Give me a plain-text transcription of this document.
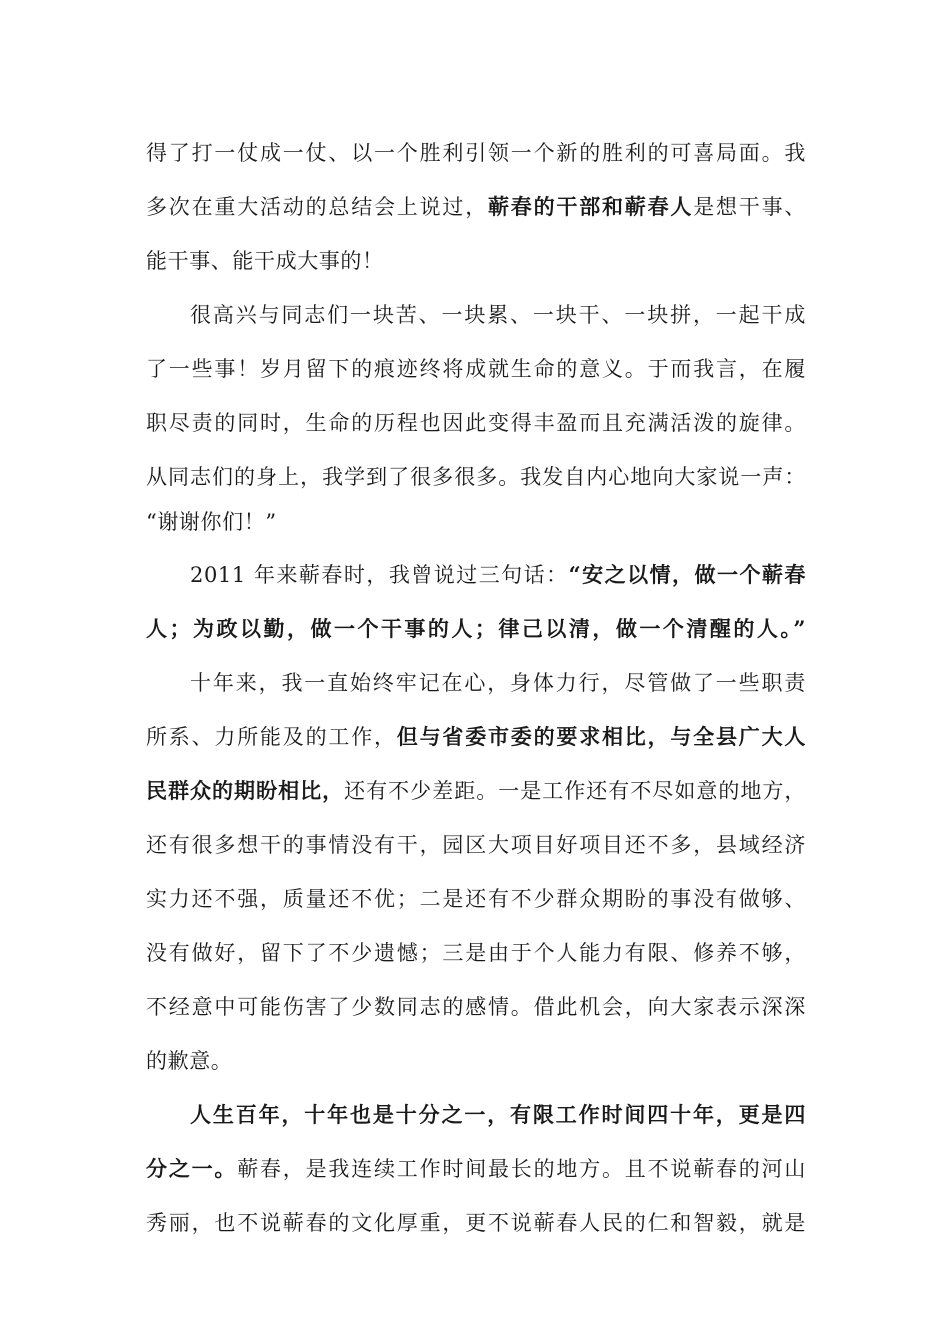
得了打一仗成一仗、以一个胜利引领一个新的胜利的可喜局面。我
多次在重大活动的总结会上说过，蕲春的干部和蕲春人是想干事、
能干事、能干成大事的！
很高兴与同志们一块苦、一块累、一块干、一块拼，一起干成
了一些事！岁月留下的痕迹终将成就生命的意义。于而我言，在履
职尽责的同时，生命的历程也因此变得丰盈而且充满活泼的旋律。
从同志们的身上，我学到了很多很多。我发自内心地向大家说一声：
“谢谢你们！”
2011 年来蕲春时，我曾说过三句话：“安之以情，做一个蕲春
人；为政以勤，做一个干事的人；律己以清，做一个清醒的人。”
十年来，我一直始终牢记在心，身体力行，尽管做了一些职责
所系、力所能及的工作，但与省委市委的要求相比，与全县广大人
民群众的期盼相比，还有不少差距。一是工作还有不尽如意的地方，
还有很多想干的事情没有干，园区大项目好项目还不多，县域经济
实力还不强，质量还不优；二是还有不少群众期盼的事没有做够、
没有做好，留下了不少遗憾；三是由于个人能力有限、修养不够，
不经意中可能伤害了少数同志的感情。借此机会，向大家表示深深
的歉意。
人生百年，十年也是十分之一，有限工作时间四十年，更是四
分之一。蕲春，是我连续工作时间最长的地方。且不说蕲春的河山
秀丽，也不说蕲春的文化厚重，更不说蕲春人民的仁和智毅，就是
